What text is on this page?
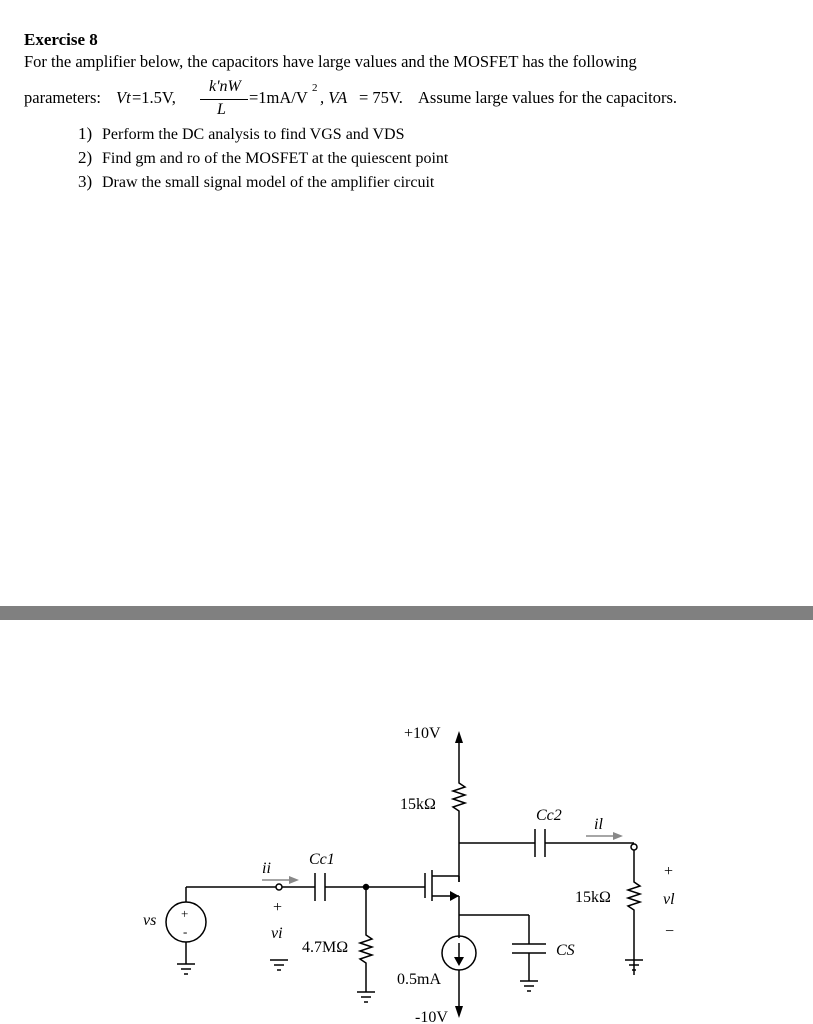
Exercise 8
For the amplifier below, the capacitors have large values and the MOSFET has the following
parameters: Vt =1.5V,
k'nW
L
=1mA/V 2 , VA = 75V. Assume large values for the capacitors.
1) Perform the DC analysis to find VGS and VDS
2) Find gm and ro of the MOSFET at the quiescent point
3) Draw the small signal model of the amplifier circuit
+10V
15kΩ
Cc2
il
+
15kΩ	vl
−
CS
0.5mA
-10V
4.7MΩ
Cc1
ii
+
vi
vs +
-
